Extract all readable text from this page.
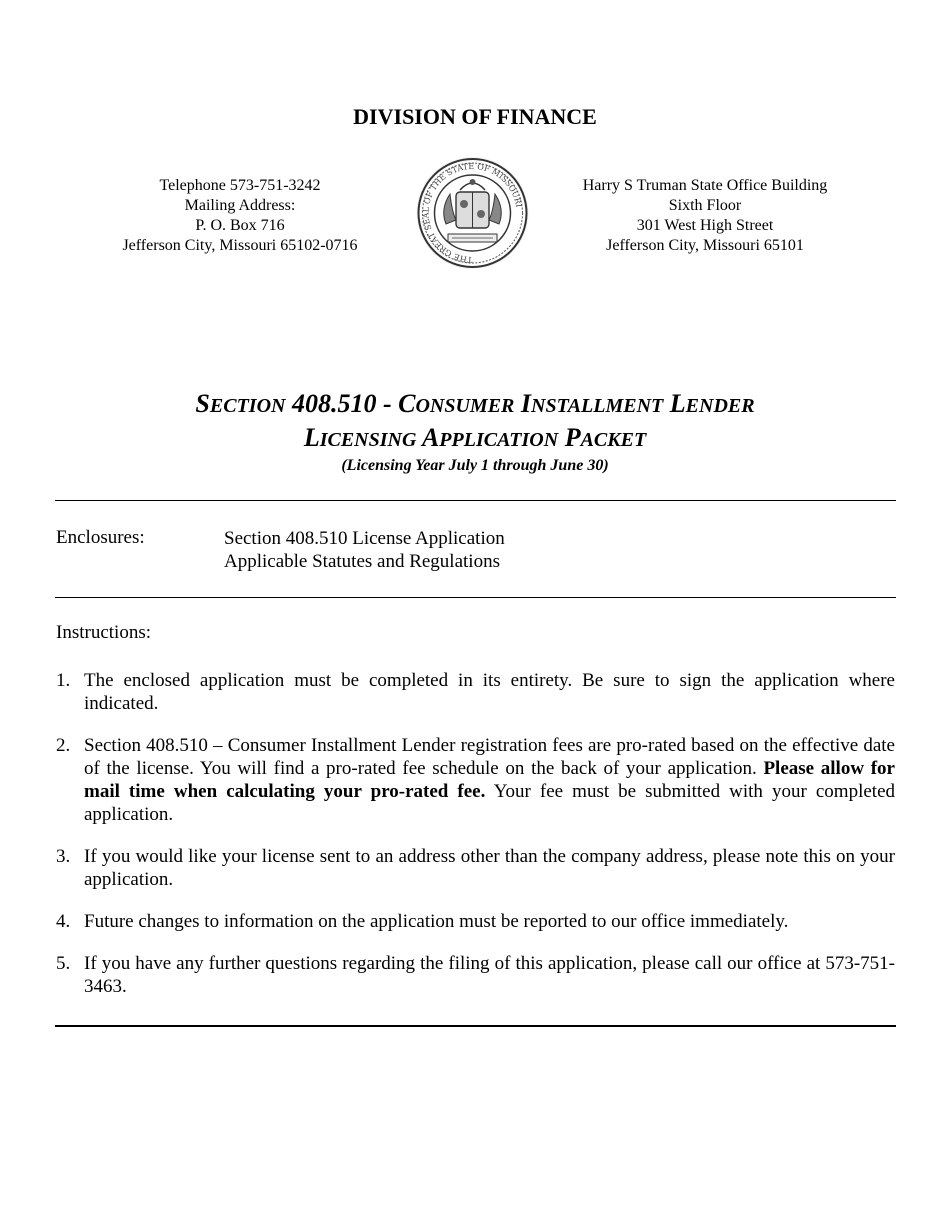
DIVISION OF FINANCE
Telephone 573-751-3242
Mailing Address:
P. O. Box 716
Jefferson City, Missouri 65102-0716
THE GREAT SEAL OF THE STATE OF MISSOURI
Harry S Truman State Office Building
Sixth Floor
301 West High Street
Jefferson City, Missouri 65101
SECTION 408.510 - CONSUMER INSTALLMENT LENDER
LICENSING APPLICATION PACKET
(Licensing Year July 1 through June 30)
Enclosures:	Section 408.510 License Application
Applicable Statutes and Regulations
Instructions:
1. The enclosed application must be completed in its entirety. Be sure to sign the application where indicated.
2. Section 408.510 – Consumer Installment Lender registration fees are pro-rated based on the effective date of the license. You will find a pro-rated fee schedule on the back of your application. Please allow for mail time when calculating your pro-rated fee. Your fee must be submitted with your completed application.
3. If you would like your license sent to an address other than the company address, please note this on your application.
4. Future changes to information on the application must be reported to our office immediately.
5. If you have any further questions regarding the filing of this application, please call our office at 573-751-3463.
